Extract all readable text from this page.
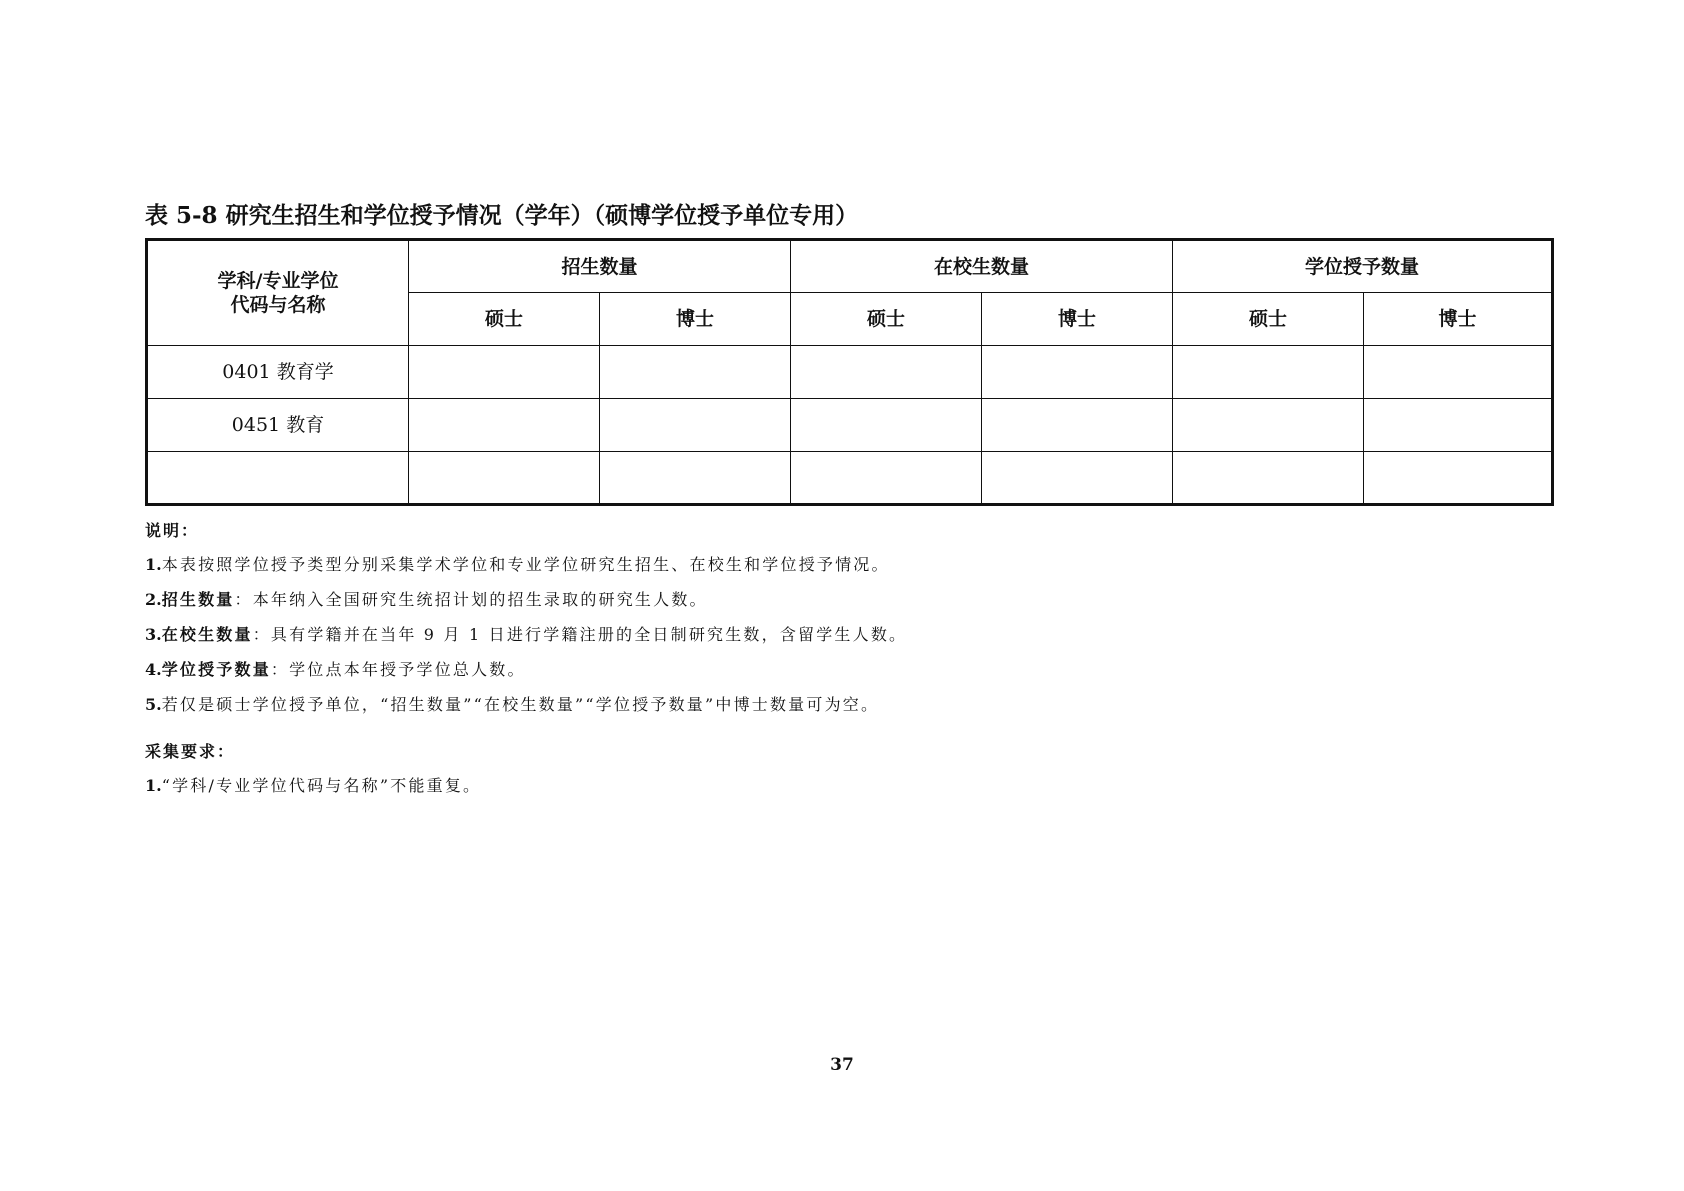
表 5-8 研究生招生和学位授予情况（学年）（硕博学位授予单位专用）
学科/专业学位
代码与名称	招生数量		在校生数量		学位授予数量	
	硕士	博士	硕士	博士	硕士	博士
0401 教育学						
0451 教育						

说明：
1.本表按照学位授予类型分别采集学术学位和专业学位研究生招生、在校生和学位授予情况。
2.招生数量：本年纳入全国研究生统招计划的招生录取的研究生人数。
3.在校生数量：具有学籍并在当年 9 月 1 日进行学籍注册的全日制研究生数，含留学生人数。
4.学位授予数量：学位点本年授予学位总人数。
5.若仅是硕士学位授予单位，“招生数量”“在校生数量”“学位授予数量”中博士数量可为空。
采集要求：
1.“学科/专业学位代码与名称”不能重复。
37
